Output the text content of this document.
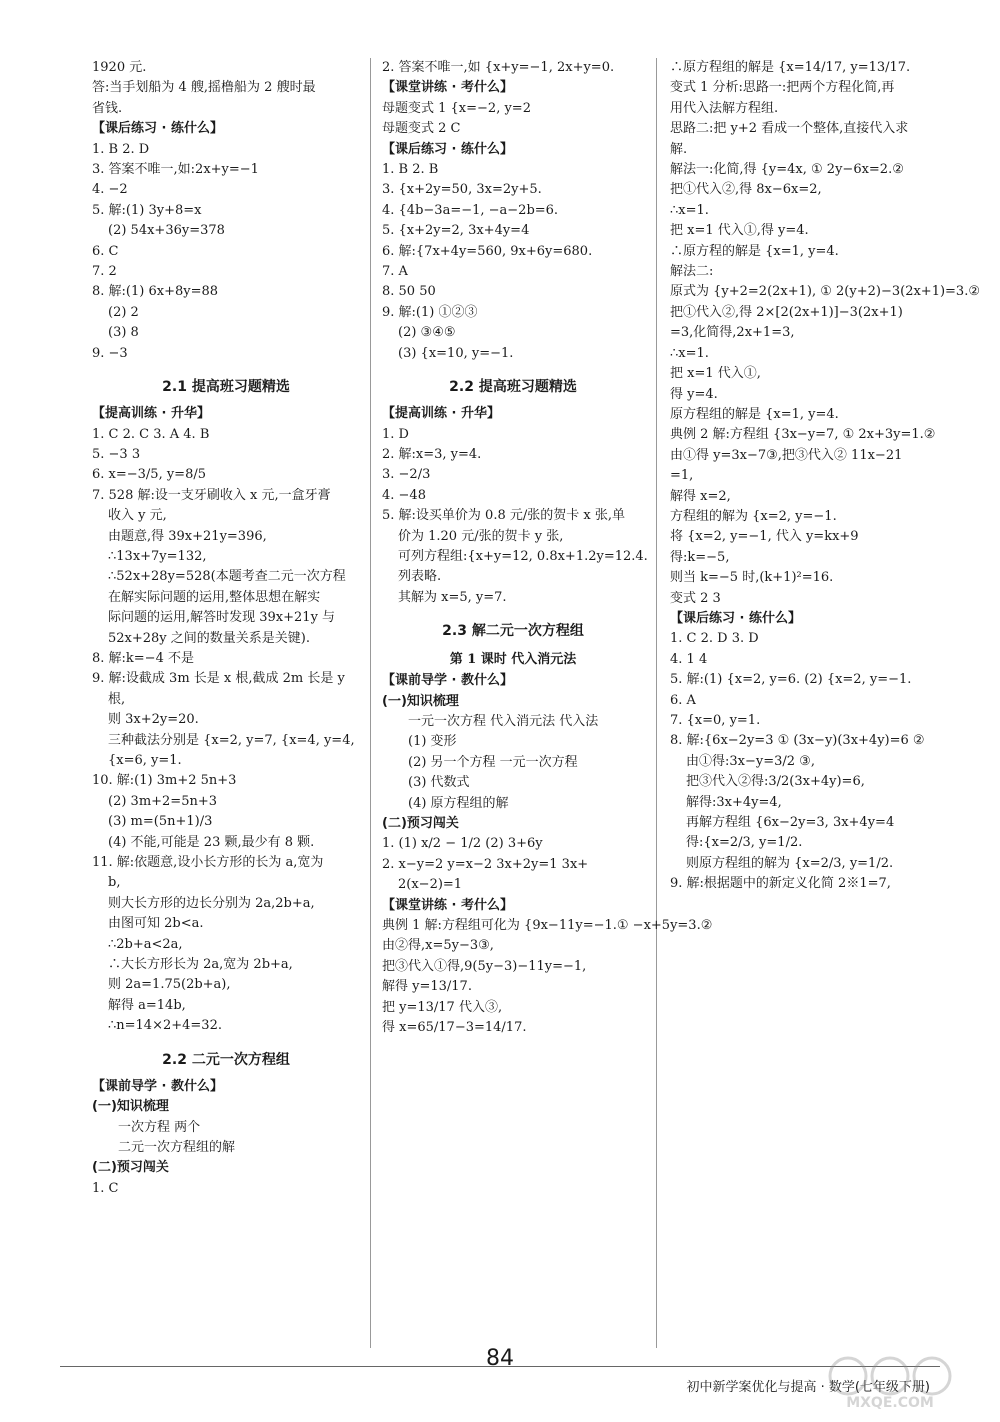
1920 元.
答:当手划船为 4 艘,摇橹船为 2 艘时最
省钱.
【课后练习 · 练什么】
1. B 2. D
3. 答案不唯一,如:2x+y=−1
4. −2
5. 解:(1) 3y+8=x
(2) 54x+36y=378
6. C
7. 2
8. 解:(1) 6x+8y=88
(2) 2
(3) 8
9. −3
2.1 提高班习题精选
【提高训练 · 升华】
1. C 2. C 3. A 4. B
5. −3 3
6. x=−3/5, y=8/5
7. 528 解:设一支牙刷收入 x 元,一盒牙膏
收入 y 元,
由题意,得 39x+21y=396,
∴13x+7y=132,
∴52x+28y=528(本题考查二元一次方程
在解实际问题的运用,整体思想在解实
际问题的运用,解答时发现 39x+21y 与
52x+28y 之间的数量关系是关键).
8. 解:k=−4 不是
9. 解:设截成 3m 长是 x 根,截成 2m 长是 y
根,
则 3x+2y=20.
三种截法分别是 {x=2, y=7, {x=4, y=4,
{x=6, y=1.
10. 解:(1) 3m+2 5n+3
(2) 3m+2=5n+3
(3) m=(5n+1)/3
(4) 不能,可能是 23 颗,最少有 8 颗.
11. 解:依题意,设小长方形的长为 a,宽为
b,
则大长方形的边长分别为 2a,2b+a,
由图可知 2b<a.
∴2b+a<2a,
∴大长方形长为 2a,宽为 2b+a,
则 2a=1.75(2b+a),
解得 a=14b,
∴n=14×2+4=32.
2.2 二元一次方程组
【课前导学 · 教什么】
(一)知识梳理
一次方程 两个
二元一次方程组的解
(二)预习闯关
1. C
2. 答案不唯一,如 {x+y=−1, 2x+y=0.
【课堂讲练 · 考什么】
母题变式 1 {x=−2, y=2
母题变式 2 C
【课后练习 · 练什么】
1. B 2. B
3. {x+2y=50, 3x=2y+5.
4. {4b−3a=−1, −a−2b=6.
5. {x+2y=2, 3x+4y=4
6. 解:{7x+4y=560, 9x+6y=680.
7. A
8. 50 50
9. 解:(1) ①②③
(2) ③④⑤
(3) {x=10, y=−1.
2.2 提高班习题精选
【提高训练 · 升华】
1. D
2. 解:x=3, y=4.
3. −2/3
4. −48
5. 解:设买单价为 0.8 元/张的贺卡 x 张,单
价为 1.20 元/张的贺卡 y 张,
可列方程组:{x+y=12, 0.8x+1.2y=12.4.
列表略.
其解为 x=5, y=7.
2.3 解二元一次方程组
第 1 课时 代入消元法
【课前导学 · 教什么】
(一)知识梳理
一元一次方程 代入消元法 代入法
(1) 变形
(2) 另一个方程 一元一次方程
(3) 代数式
(4) 原方程组的解
(二)预习闯关
1. (1) x/2 − 1/2 (2) 3+6y
2. x−y=2 y=x−2 3x+2y=1 3x+
2(x−2)=1
【课堂讲练 · 考什么】
典例 1 解:方程组可化为 {9x−11y=−1.① −x+5y=3.②
由②得,x=5y−3③,
把③代入①得,9(5y−3)−11y=−1,
解得 y=13/17.
把 y=13/17 代入③,
得 x=65/17−3=14/17.
∴原方程组的解是 {x=14/17, y=13/17.
变式 1 分析:思路一:把两个方程化简,再
用代入法解方程组.
思路二:把 y+2 看成一个整体,直接代入求
解.
解法一:化简,得 {y=4x, ① 2y−6x=2.②
把①代入②,得 8x−6x=2,
∴x=1.
把 x=1 代入①,得 y=4.
∴原方程的解是 {x=1, y=4.
解法二:
原式为 {y+2=2(2x+1), ① 2(y+2)−3(2x+1)=3.②
把①代入②,得 2×[2(2x+1)]−3(2x+1)
=3,化简得,2x+1=3,
∴x=1.
把 x=1 代入①,
得 y=4.
原方程组的解是 {x=1, y=4.
典例 2 解:方程组 {3x−y=7, ① 2x+3y=1.②
由①得 y=3x−7③,把③代入② 11x−21
=1,
解得 x=2,
方程组的解为 {x=2, y=−1.
将 {x=2, y=−1, 代入 y=kx+9
得:k=−5,
则当 k=−5 时,(k+1)²=16.
变式 2 3
【课后练习 · 练什么】
1. C 2. D 3. D
4. 1 4
5. 解:(1) {x=2, y=6. (2) {x=2, y=−1.
6. A
7. {x=0, y=1.
8. 解:{6x−2y=3 ① (3x−y)(3x+4y)=6 ②
由①得:3x−y=3/2 ③,
把③代入②得:3/2(3x+4y)=6,
解得:3x+4y=4,
再解方程组 {6x−2y=3, 3x+4y=4
得:{x=2/3, y=1/2.
则原方程组的解为 {x=2/3, y=1/2.
9. 解:根据题中的新定义化简 2※1=7,
84
初中新学案优化与提高 · 数学(七年级下册)
MXQE.COM
